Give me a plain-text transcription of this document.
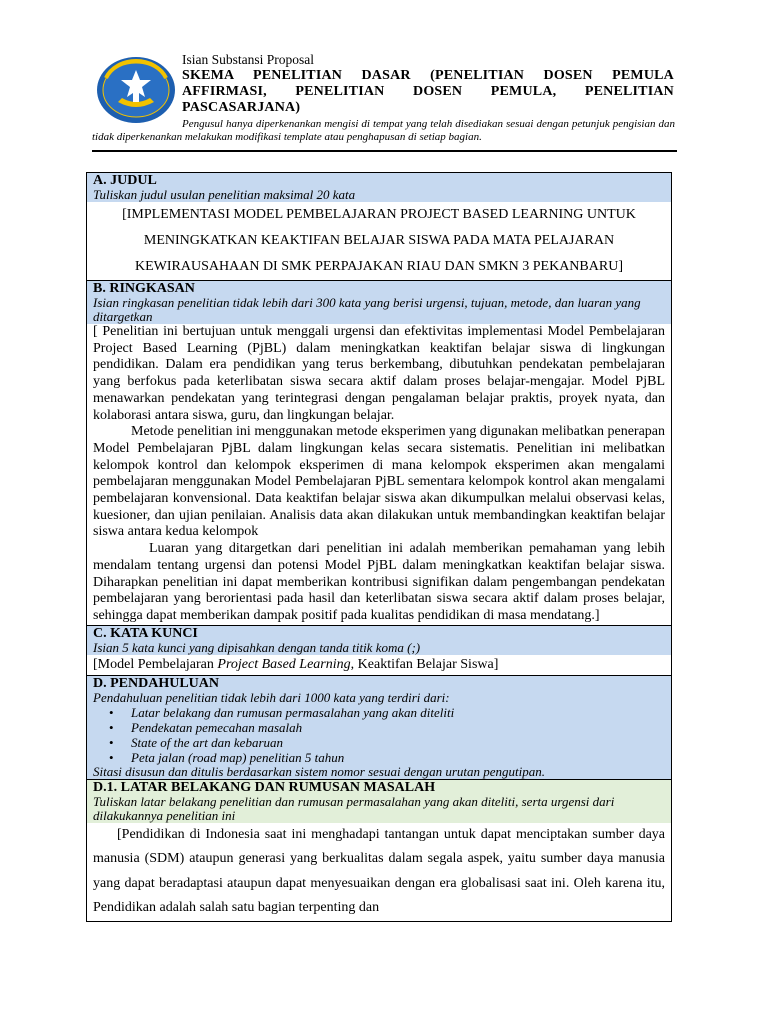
Isian Substansi Proposal
SKEMA PENELITIAN DASAR (PENELITIAN DOSEN PEMULA AFFIRMASI, PENELITIAN DOSEN PEMULA, PENELITIAN PASCASARJANA)
Pengusul hanya diperkenankan mengisi di tempat yang telah disediakan sesuai dengan petunjuk pengisian dan tidak diperkenankan melakukan modifikasi template atau penghapusan di setiap bagian.
A. JUDUL
Tuliskan judul usulan penelitian maksimal 20 kata

[IMPLEMENTASI MODEL PEMBELAJARAN PROJECT BASED LEARNING UNTUK

MENINGKATKAN KEAKTIFAN BELAJAR SISWA PADA MATA PELAJARAN

KEWIRAUSAHAAN DI SMK PERPAJAKAN RIAU DAN SMKN 3 PEKANBARU]

B. RINGKASAN
Isian ringkasan penelitian tidak lebih dari 300 kata yang berisi urgensi, tujuan, metode, dan luaran yang ditargetkan

[ Penelitian ini bertujuan untuk menggali urgensi dan efektivitas implementasi Model Pembelajaran Project Based Learning (PjBL) dalam meningkatkan keaktifan belajar siswa di lingkungan pendidikan. Dalam era pendidikan yang terus berkembang, dibutuhkan pendekatan pembelajaran yang berfokus pada keterlibatan siswa secara aktif dalam proses belajar-mengajar. Model PjBL menawarkan pendekatan yang terintegrasi dengan pengalaman belajar praktis, proyek nyata, dan kolaborasi antara siswa, guru, dan lingkungan belajar.

Metode penelitian ini menggunakan metode eksperimen yang digunakan melibatkan penerapan Model Pembelajaran PjBL dalam lingkungan kelas secara sistematis. Penelitian ini melibatkan kelompok kontrol dan kelompok eksperimen di mana kelompok eksperimen akan mengalami pembelajaran menggunakan Model Pembelajaran PjBL sementara kelompok kontrol akan mengalami pembelajaran konvensional. Data keaktifan belajar siswa akan dikumpulkan melalui observasi kelas, kuesioner, dan ujian penilaian. Analisis data akan dilakukan untuk membandingkan keaktifan belajar siswa antara kedua kelompok

Luaran yang ditargetkan dari penelitian ini adalah memberikan pemahaman yang lebih mendalam tentang urgensi dan potensi Model PjBL dalam meningkatkan keaktifan belajar siswa. Diharapkan penelitian ini dapat memberikan kontribusi signifikan dalam pengembangan pendekatan pembelajaran yang berorientasi pada hasil dan keterlibatan siswa secara aktif dalam proses belajar, sehingga dapat memberikan dampak positif pada kualitas pendidikan di masa mendatang.]

C. KATA KUNCI
Isian 5 kata kunci yang dipisahkan dengan tanda titik koma (;)
[Model Pembelajaran Project Based Learning, Keaktifan Belajar Siswa]
D. PENDAHULUAN
Pendahuluan penelitian tidak lebih dari 1000 kata yang terdiri dari:
• Latar belakang dan rumusan permasalahan yang akan diteliti
• Pendekatan pemecahan masalah
• State of the art dan kebaruan
• Peta jalan (road map) penelitian 5 tahun
Sitasi disusun dan ditulis berdasarkan sistem nomor sesuai dengan urutan pengutipan.
D.1. LATAR BELAKANG DAN RUMUSAN MASALAH
Tuliskan latar belakang penelitian dan rumusan permasalahan yang akan diteliti, serta urgensi dari dilakukannya penelitian ini

[Pendidikan di Indonesia saat ini menghadapi tantangan untuk dapat menciptakan sumber daya manusia (SDM) ataupun generasi yang berkualitas dalam segala aspek, yaitu sumber daya manusia yang dapat beradaptasi ataupun dapat menyesuaikan dengan era globalisasi saat ini. Oleh karena itu, Pendidikan adalah salah satu bagian terpenting dan
